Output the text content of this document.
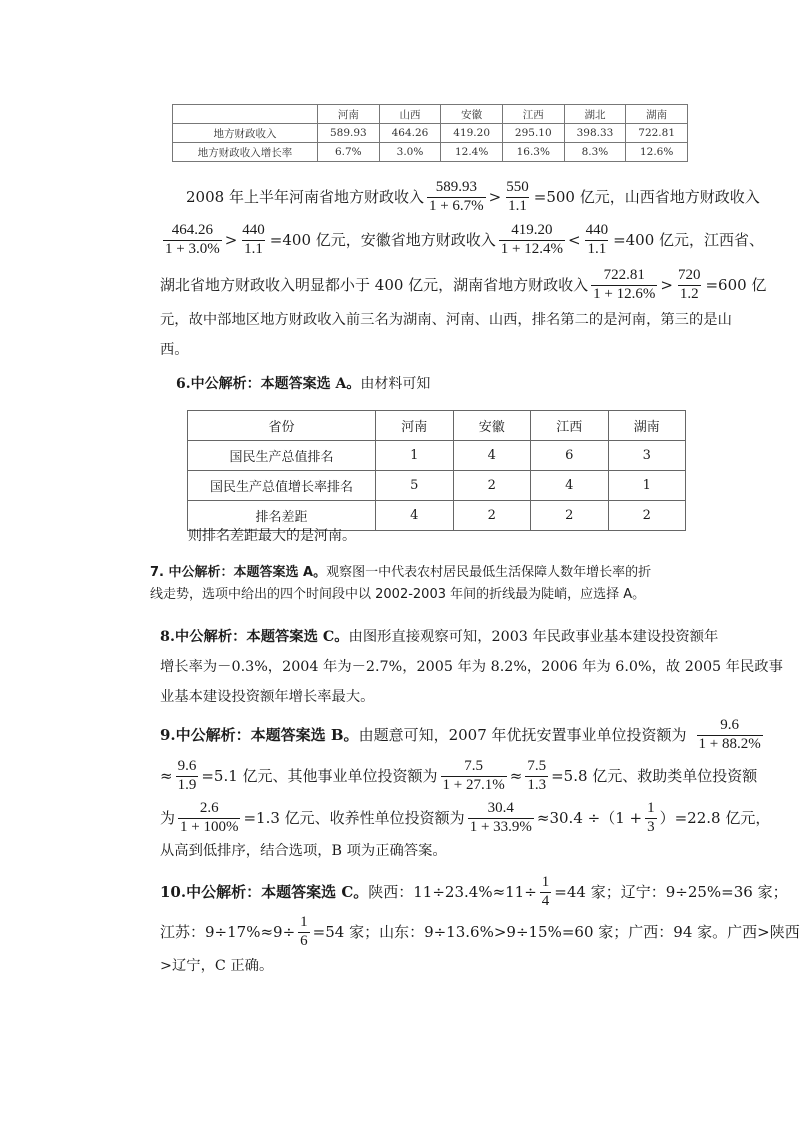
	河南	山西	安徽	江西	湖北	湖南
地方财政收入	589.93	464.26	419.20	295.10	398.33	722.81
地方财政收入增长率	6.7%	3.0%	12.4%	16.3%	8.3%	12.6%
2008 年上半年河南省地方财政收入 $\frac{589.93}{1 + 6.7\%} > \frac{550}{1.1} =500$ 亿元，山西省地方财政收入
$\frac{464.26}{1 + 3.0\%} > \frac{440}{1.1} =400$ 亿元，安徽省地方财政收入 $\frac{419.20}{1 + 12.4\%} < \frac{440}{1.1} =400$ 亿元，江西省、
湖北省地方财政收入明显都小于 400 亿元，湖南省地方财政收入 $\frac{722.81}{1 + 12.6\%} > \frac{720}{1.2} =600$ 亿
元，故中部地区地方财政收入前三名为湖南、河南、山西，排名第二的是河南，第三的是山
西。
6.中公解析：本题答案选 A。由材料可知
省份	河南	安徽	江西	湖南
国民生产总值排名	1	4	6	3
国民生产总值增长率排名	5	2	4	1
排名差距	4	2	2	2
则排名差距最大的是河南。
7. 中公解析：本题答案选 A。观察图一中代表农村居民最低生活保障人数年增长率的折
线走势，选项中给出的四个时间段中以 2002-2003 年间的折线最为陡峭，应选择 A。
8.中公解析：本题答案选 C。由图形直接观察可知，2003 年民政事业基本建设投资额年
增长率为－0.3%，2004 年为－2.7%，2005 年为 8.2%，2006 年为 6.0%，故 2005 年民政事
业基本建设投资额年增长率最大。
9.中公解析：本题答案选 B。 由题意可知，2007 年优抚安置事业单位投资额为 $\frac{9.6}{1 + 88.2\%}$
≈ $\frac{9.6}{1.9} =5.1$ 亿元、其他事业单位投资额为 $\frac{7.5}{1 + 27.1\%} \approx \frac{7.5}{1.3} =5.8$ 亿元、救助类单位投资额
为 $\frac{2.6}{1 + 100\%} =1.3$ 亿元、收养性单位投资额为 $\frac{30.4}{1 + 33.9\%} \approx 30.4 \div(1 + \frac{1}{3} )=22.8$ 亿元，
从高到低排序，结合选项，B 项为正确答案。
10.中公解析：本题答案选 C。 陕西：$11\div 23.4\%\approx 11\div \frac{1}{4} =44$ 家；辽宁：9÷25%=36 家；
江苏：$9\div 17\%\approx 9\div \frac{1}{6} =54$ 家；山东：9÷13.6%>9÷15%=60 家；广西：94 家。广西>陕西
>辽宁，C 正确。
